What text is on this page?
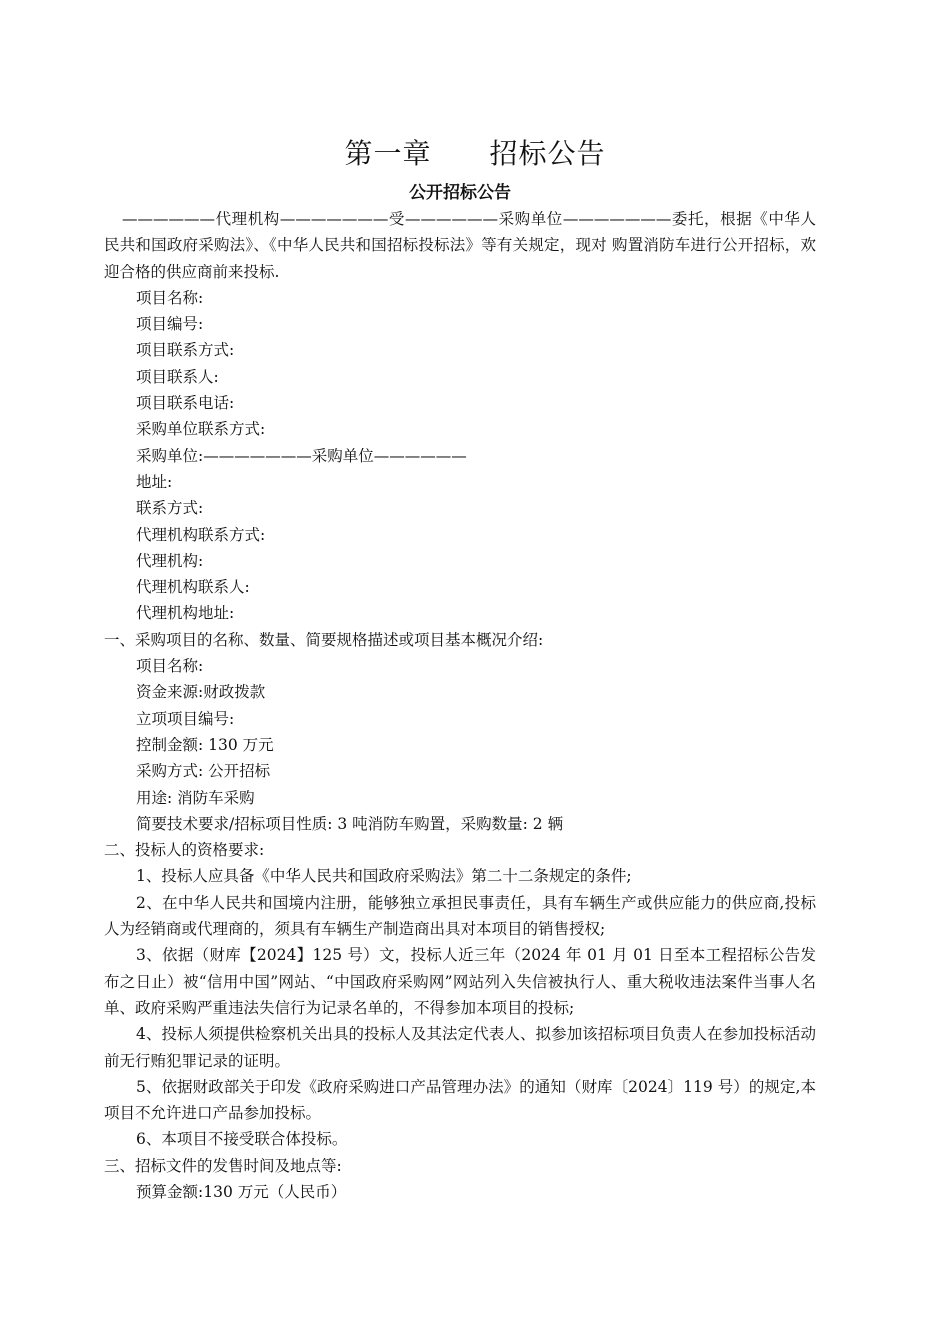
第一章　　招标公告
公开招标公告

——————代理机构———————受——————采购单位———————委托，根据《中华人民共和国政府采购法》、《中华人民共和国招标投标法》等有关规定，现对 购置消防车进行公开招标，欢迎合格的供应商前来投标.

项目名称:

项目编号:

项目联系方式:

项目联系人:

项目联系电话:

采购单位联系方式:

采购单位:———————采购单位——————

地址:

联系方式:

代理机构联系方式:

代理机构:

代理机构联系人:

代理机构地址:

一、采购项目的名称、数量、简要规格描述或项目基本概况介绍:

项目名称:

资金来源:财政拨款

立项项目编号:

控制金额: 130 万元

采购方式: 公开招标

用途: 消防车采购

简要技术要求/招标项目性质: 3 吨消防车购置，采购数量: 2 辆

二、投标人的资格要求:

1、投标人应具备《中华人民共和国政府采购法》第二十二条规定的条件;

2、在中华人民共和国境内注册，能够独立承担民事责任，具有车辆生产或供应能力的供应商,投标人为经销商或代理商的，须具有车辆生产制造商出具对本项目的销售授权;

3、依据（财库【2024】125 号）文，投标人近三年（2024 年 01 月 01 日至本工程招标公告发布之日止）被“信用中国”网站、“中国政府采购网”网站列入失信被执行人、重大税收违法案件当事人名单、政府采购严重违法失信行为记录名单的，不得参加本项目的投标;

4、投标人须提供检察机关出具的投标人及其法定代表人、拟参加该招标项目负责人在参加投标活动前无行贿犯罪记录的证明。

5、依据财政部关于印发《政府采购进口产品管理办法》的通知（财库〔2024〕119 号）的规定,本项目不允许进口产品参加投标。

6、本项目不接受联合体投标。

三、招标文件的发售时间及地点等:

预算金额:130 万元（人民币）
